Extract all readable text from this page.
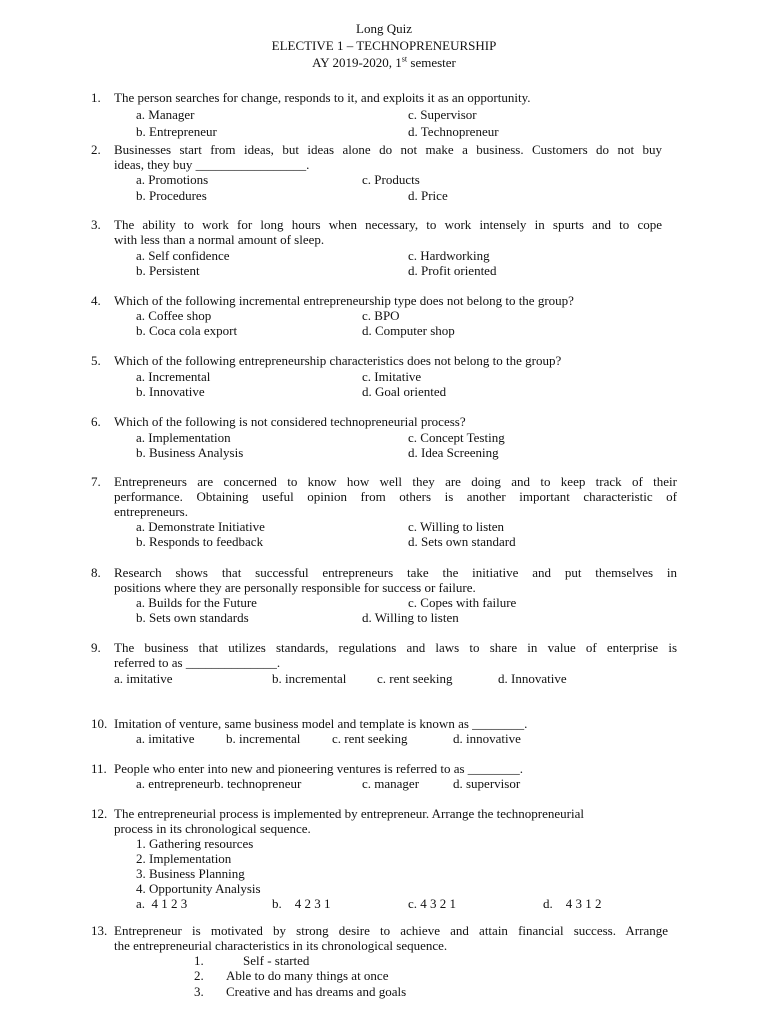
Long Quiz
ELECTIVE 1 – TECHNOPRENEURSHIP
AY 2019-2020, 1st semester
1. The person searches for change, responds to it, and exploits it as an opportunity.
a. Manager	c. Supervisor
b. Entrepreneur	d. Technopreneur
2. Businesses start from ideas, but ideas alone do not make a business. Customers do not buy
ideas, they buy _________________.
a. Promotions	c. Products
b. Procedures	d. Price
3. The ability to work for long hours when necessary, to work intensely in spurts and to cope
with less than a normal amount of sleep.
a. Self confidence	c. Hardworking
b. Persistent	d. Profit oriented
4. Which of the following incremental entrepreneurship type does not belong to the group?
a. Coffee shop	c. BPO
b. Coca cola export	d. Computer shop
5. Which of the following entrepreneurship characteristics does not belong to the group?
a. Incremental	c. Imitative
b. Innovative	d. Goal oriented
6. Which of the following is not considered technopreneurial process?
a. Implementation	c. Concept Testing
b. Business Analysis	d. Idea Screening
7. Entrepreneurs are concerned to know how well they are doing and to keep track of their
performance. Obtaining useful opinion from others is another important characteristic of
entrepreneurs.
a. Demonstrate Initiative	c. Willing to listen
b. Responds to feedback	d. Sets own standard
8. Research shows that successful entrepreneurs take the initiative and put themselves in
positions where they are personally responsible for success or failure.
a. Builds for the Future	c. Copes with failure
b. Sets own standards	d. Willing to listen
9. The business that utilizes standards, regulations and laws to share in value of enterprise is
referred to as ______________.
a. imitative	b. incremental c. rent seeking	d. Innovative
10. Imitation of venture, same business model and template is known as ________.
a. imitative b. incremental c. rent seeking	d. innovative
11. People who enter into new and pioneering ventures is referred to as ________.
a. entrepreneurb. technopreneur	c. manager	d. supervisor
12. The entrepreneurial process is implemented by entrepreneur. Arrange the technopreneurial
process in its chronological sequence.
1. Gathering resources
2. Implementation
3. Business Planning
4. Opportunity Analysis
a.  4 1 2 3	b.    4 2 3 1	c. 4 3 2 1	d.    4 3 1 2
13. Entrepreneur is motivated by strong desire to achieve and attain financial success. Arrange
the entrepreneurial characteristics in its chronological sequence.
1.	Self - started
2. Able to do many things at once
3. Creative and has dreams and goals
